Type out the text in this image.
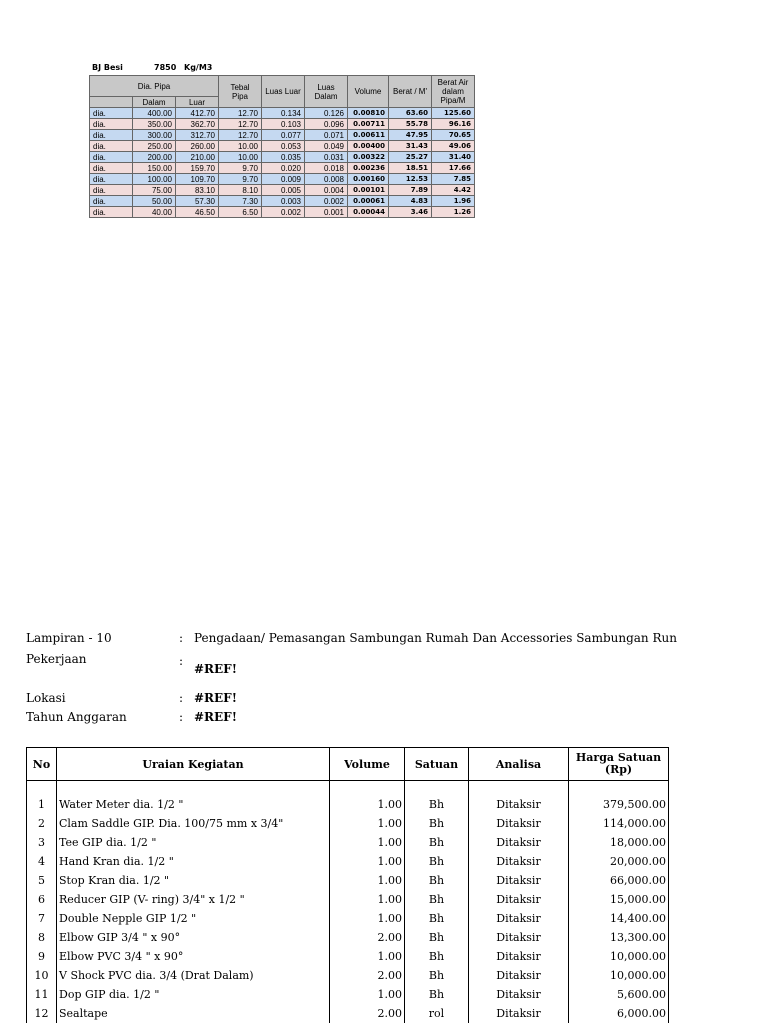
BJ Besi	7850 Kg/M3
Dia. Pipa			Tebal Pipa	Luas Luar	Luas Dalam	Volume	Berat / M'	Berat Air dalam Pipa/M
	Dalam	Luar						
dia.	400.00	412.70	12.70	0.134	0.126	0.00810	63.60	125.60
dia.	350.00	362.70	12.70	0.103	0.096	0.00711	55.78	96.16
dia.	300.00	312.70	12.70	0.077	0.071	0.00611	47.95	70.65
dia.	250.00	260.00	10.00	0.053	0.049	0.00400	31.43	49.06
dia.	200.00	210.00	10.00	0.035	0.031	0.00322	25.27	31.40
dia.	150.00	159.70	9.70	0.020	0.018	0.00236	18.51	17.66
dia.	100.00	109.70	9.70	0.009	0.008	0.00160	12.53	7.85
dia.	75.00	83.10	8.10	0.005	0.004	0.00101	7.89	4.42
dia.	50.00	57.30	7.30	0.003	0.002	0.00061	4.83	1.96
dia.	40.00	46.50	6.50	0.002	0.001	0.00044	3.46	1.26
Lampiran - 10	: Pengadaan/ Pemasangan Sambungan Rumah Dan Accessories Sambungan Run
Pekerjaan	:
#REF!
Lokasi	: #REF!
Tahun Anggaran	: #REF!
No	Uraian Kegiatan	Volume	Satuan	Analisa	Harga Satuan
(Rp)

1	Water Meter dia. 1/2 "	1.00	Bh	Ditaksir	379,500.00
2	Clam Saddle GIP. Dia. 100/75 mm x 3/4"	1.00	Bh	Ditaksir	114,000.00
3	Tee GIP dia. 1/2 "	1.00	Bh	Ditaksir	18,000.00
4	Hand Kran dia. 1/2 "	1.00	Bh	Ditaksir	20,000.00
5	Stop Kran dia. 1/2 "	1.00	Bh	Ditaksir	66,000.00
6	Reducer GIP (V- ring) 3/4" x 1/2 "	1.00	Bh	Ditaksir	15,000.00
7	Double Nepple GIP 1/2 "	1.00	Bh	Ditaksir	14,400.00
8	Elbow GIP 3/4 " x 90°	2.00	Bh	Ditaksir	13,300.00
9	Elbow PVC 3/4 " x 90°	1.00	Bh	Ditaksir	10,000.00
10	V Shock PVC dia. 3/4 (Drat Dalam)	2.00	Bh	Ditaksir	10,000.00
11	Dop GIP dia. 1/2 "	1.00	Bh	Ditaksir	5,600.00
12	Sealtape	2.00	rol	Ditaksir	6,000.00
